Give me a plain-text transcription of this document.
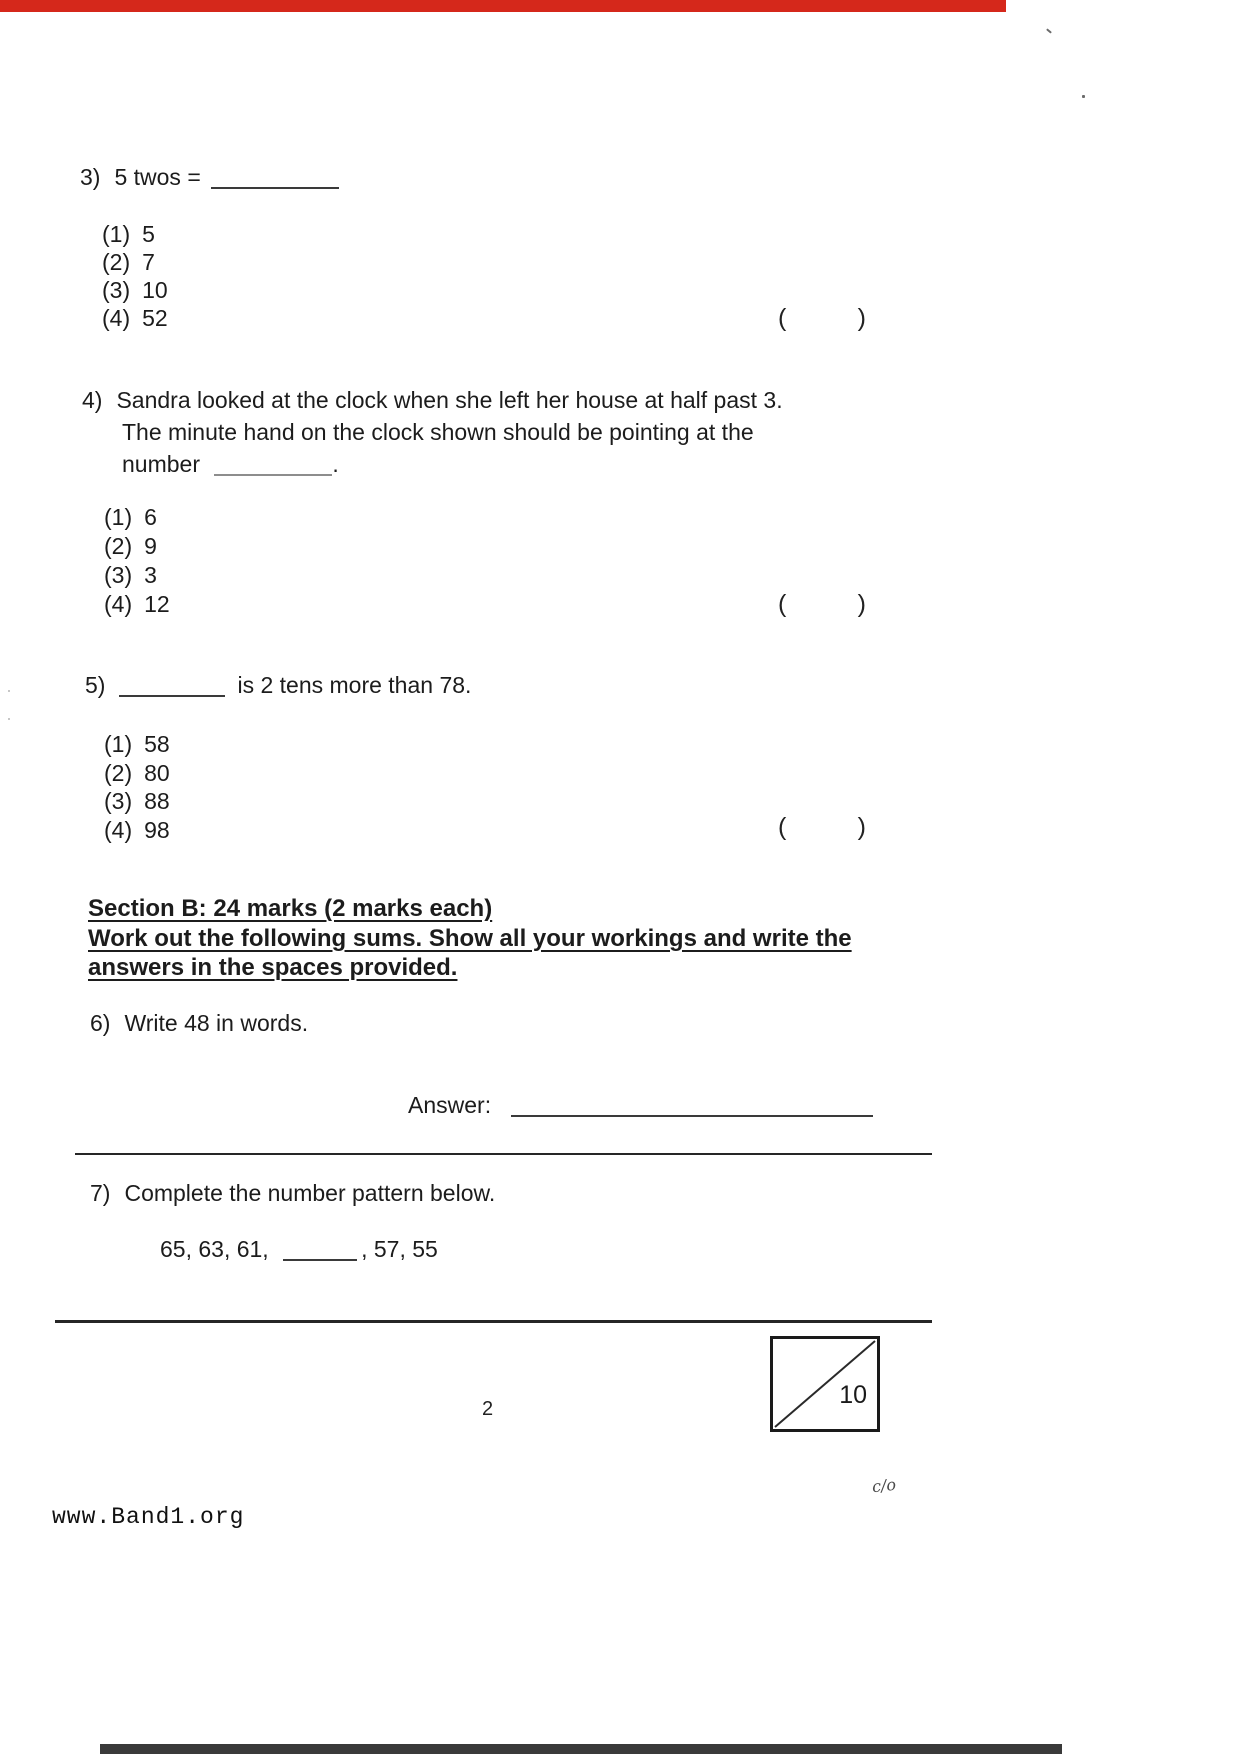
3) 5 twos =
(1) 5
(2) 7
(3) 10
(4) 52	(	)
4) Sandra looked at the clock when she left her house at half past 3.
The minute hand on the clock shown should be pointing at the
number	.
(1) 6
(2) 9
(3) 3
(4) 12	(	)
5)	is 2 tens more than 78.
(1) 58
(2) 80
(3) 88
(4) 98	(	)
Section B: 24 marks (2 marks each)
Work out the following sums. Show all your workings and write the
answers in the spaces provided.
6) Write 48 in words.
Answer:
7) Complete the number pattern below.
65, 63, 61,	, 57, 55
10
2
c/o
www.Band1.org
